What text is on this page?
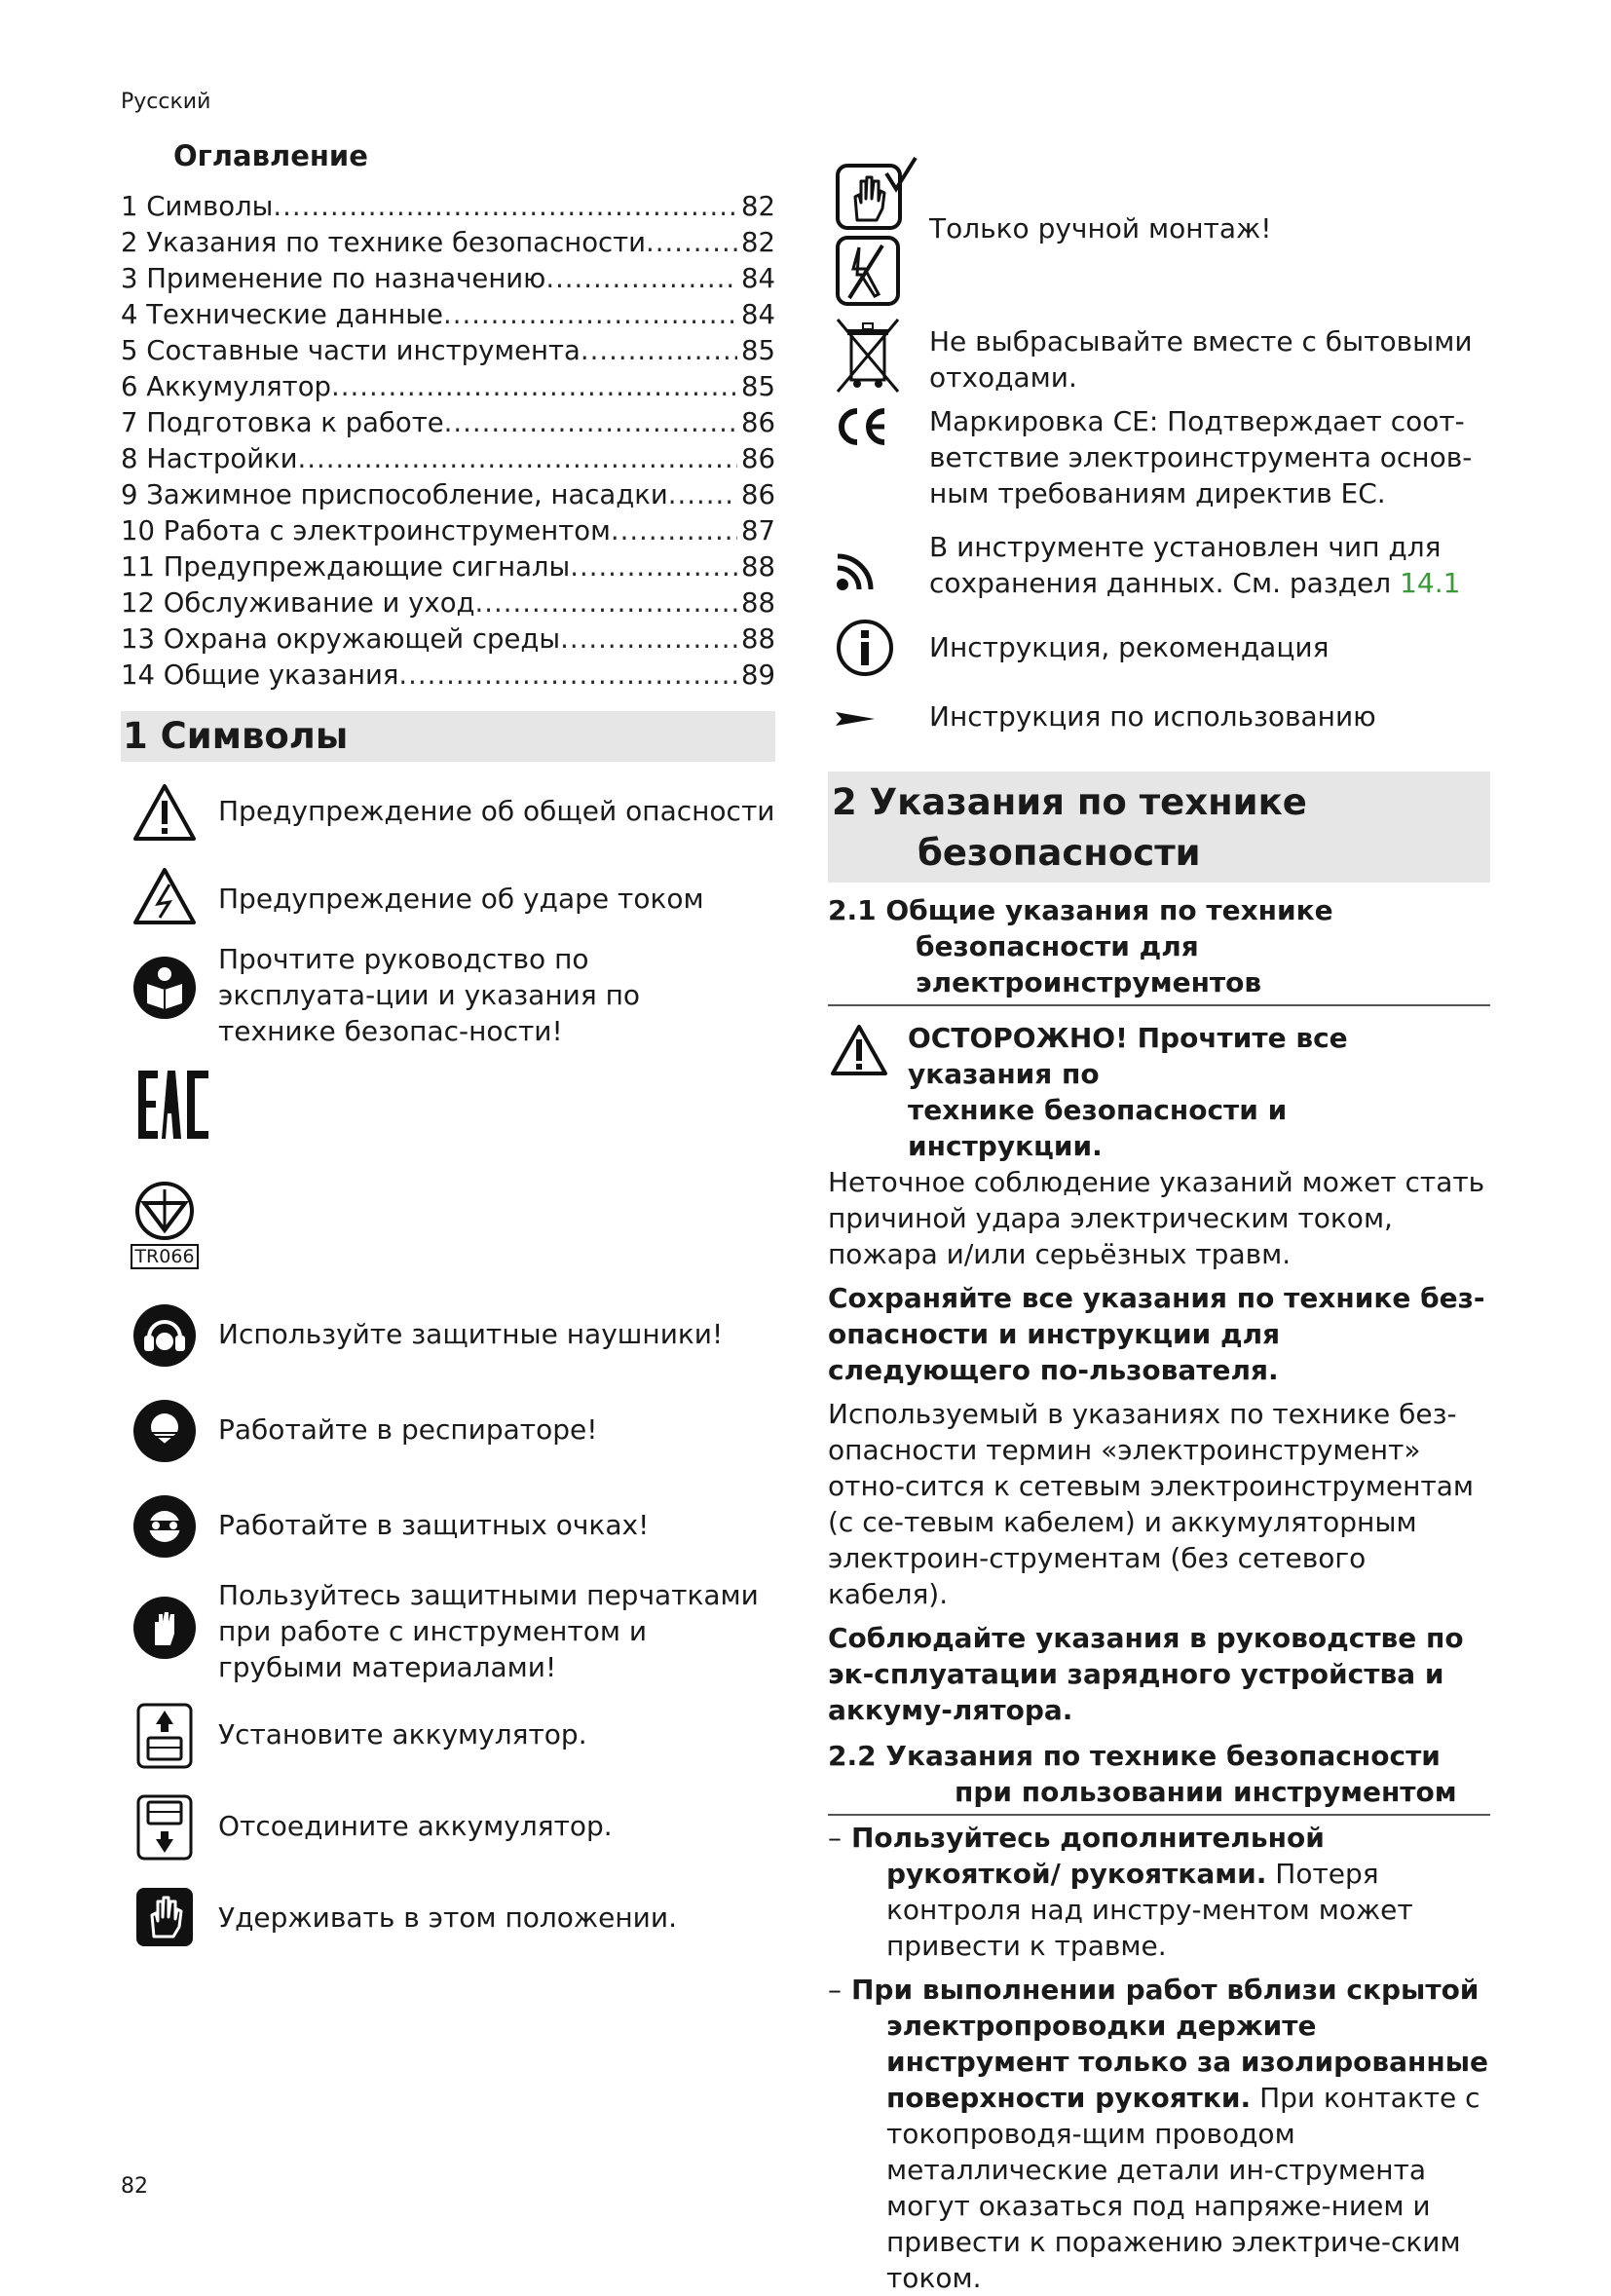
Русский
Оглавление
1 Символы .....	82
2 Указания по технике безопасности .....	82
3 Применение по назначению .....	84
4 Технические данные .....	84
5 Составные части инструмента .....	85
6 Аккумулятор .....	85
7 Подготовка к работе .....	86
8 Настройки .....	86
9 Зажимное приспособление, насадки .....	86
10 Работа с электроинструментом .....	87
11 Предупреждающие сигналы .....	88
12 Обслуживание и уход .....	88
13 Охрана окружающей среды .....	88
14 Общие указания .....	89
1 Символы
Предупреждение об общей опасности
Предупреждение об ударе током
Прочтите руководство по эксплуата-ции и указания по технике безопас-ности!
TR066
Используйте защитные наушники!
Работайте в респираторе!
Работайте в защитных очках!
Пользуйтесь защитными перчатками при работе с инструментом и грубыми материалами!
Установите аккумулятор.
Отсоедините аккумулятор.
Удерживать в этом положении.
Только ручной монтаж!
Не выбрасывайте вместе с бытовыми отходами.
Маркировка CE: Подтверждает соот-ветствие электроинструмента основ-ным требованиям директив ЕС.
В инструменте установлен чип для сохранения данных. См. раздел 14.1
Инструкция, рекомендация
Инструкция по использованию
2 Указания по технике
безопасности
2.1 Общие указания по технике
безопасности для
электроинструментов
ОСТОРОЖНО! Прочтите все указания по
технике безопасности и инструкции.
Неточное соблюдение указаний может стать причиной удара электрическим током, пожара и/или серьёзных травм.
Сохраняйте все указания по технике без-опасности и инструкции для следующего по-льзователя.
Используемый в указаниях по технике без-опасности термин «электроинструмент» отно-сится к сетевым электроинструментам (с се-тевым кабелем) и аккумуляторным электроин-струментам (без сетевого кабеля).
Соблюдайте указания в руководстве по эк-сплуатации зарядного устройства и аккуму-лятора.
2.2 Указания по технике безопасности
при пользовании инструментом
– Пользуйтесь дополнительной рукояткой/ рукоятками. Потеря контроля над инстру-ментом может привести к травме.
– При выполнении работ вблизи скрытой электропроводки держите инструмент только за изолированные поверхности рукоятки. При контакте с токопроводя-щим проводом металлические детали ин-струмента могут оказаться под напряже-нием и привести к поражению электриче-ским током.
82
